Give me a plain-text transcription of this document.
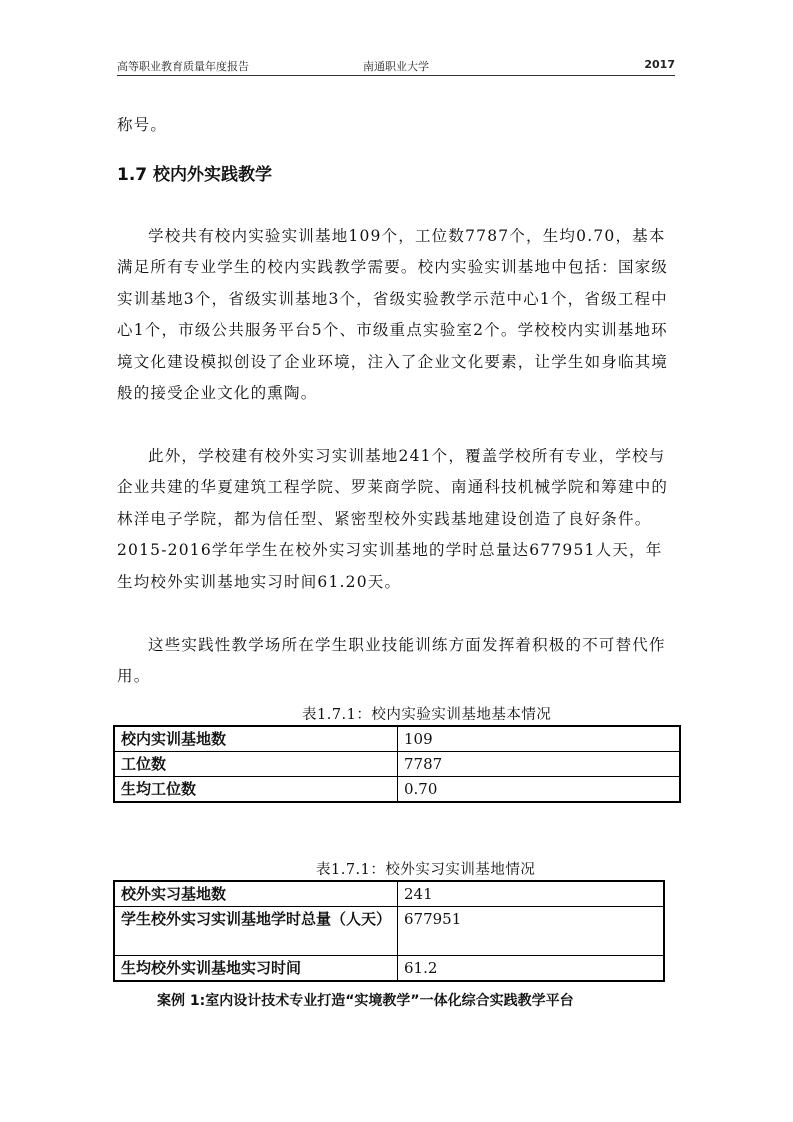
高等职业教育质量年度报告	南通职业大学	2017

称号。

1.7 校内外实践教学

学校共有校内实验实训基地109个，工位数7787个，生均0.70，基本满足所有专业学生的校内实践教学需要。校内实验实训基地中包括：国家级实训基地3个，省级实训基地3个，省级实验教学示范中心1个，省级工程中心1个，市级公共服务平台5个、市级重点实验室2个。学校校内实训基地环境文化建设模拟创设了企业环境，注入了企业文化要素，让学生如身临其境般的接受企业文化的熏陶。

此外，学校建有校外实习实训基地241个，覆盖学校所有专业，学校与企业共建的华夏建筑工程学院、罗莱商学院、南通科技机械学院和筹建中的林洋电子学院，都为信任型、紧密型校外实践基地建设创造了良好条件。2015-2016学年学生在校外实习实训基地的学时总量达677951人天，年生均校外实训基地实习时间61.20天。

这些实践性教学场所在学生职业技能训练方面发挥着积极的不可替代作用。

表1.7.1：校内实验实训基地基本情况
校内实训基地数	109
工位数	7787
生均工位数	0.70
表1.7.1：校外实习实训基地情况
校外实习基地数	241
学生校外实习实训基地学时总量（人天）	677951
生均校外实训基地实习时间	61.2
案例 1:室内设计技术专业打造“实境教学”一体化综合实践教学平台
9
17mzmx.com
